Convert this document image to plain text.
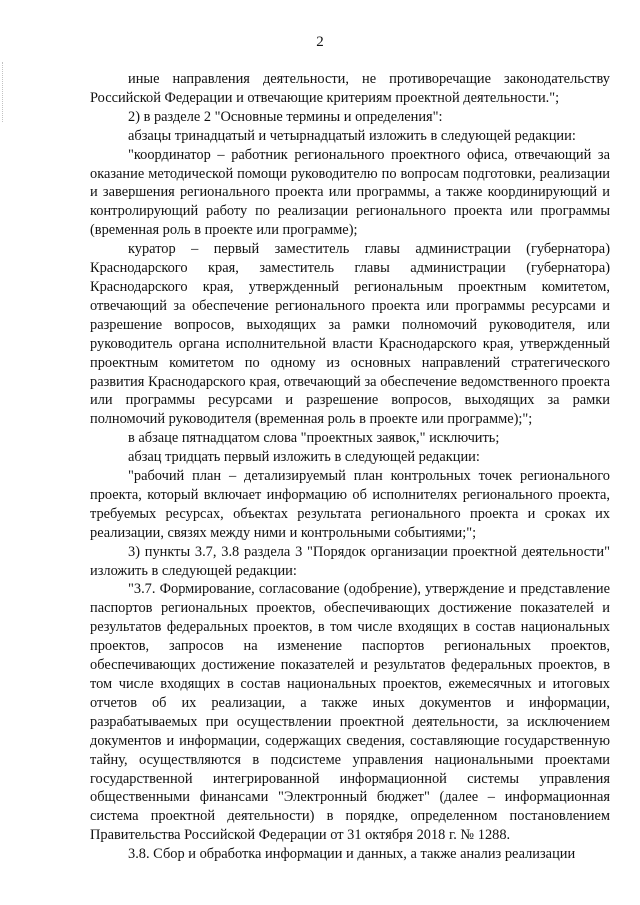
2

иные направления деятельности, не противоречащие законодательству Российской Федерации и отвечающие критериям проектной деятельности.";

2) в разделе 2 "Основные термины и определения":

абзацы тринадцатый и четырнадцатый изложить в следующей редакции:

"координатор – работник регионального проектного офиса, отвечающий за оказание методической помощи руководителю по вопросам подготовки, реализации и завершения регионального проекта или программы, а также координирующий и контролирующий работу по реализации регионального проекта или программы (временная роль в проекте или программе);

куратор – первый заместитель главы администрации (губернатора) Краснодарского края, заместитель главы администрации (губернатора) Краснодарского края, утвержденный региональным проектным комитетом, отвечающий за обеспечение регионального проекта или программы ресурсами и разрешение вопросов, выходящих за рамки полномочий руководителя, или руководитель органа исполнительной власти Краснодарского края, утвержденный проектным комитетом по одному из основных направлений стратегического развития Краснодарского края, отвечающий за обеспечение ведомственного проекта или программы ресурсами и разрешение вопросов, выходящих за рамки полномочий руководителя (временная роль в проекте или программе);";

в абзаце пятнадцатом слова "проектных заявок," исключить;

абзац тридцать первый изложить в следующей редакции:

"рабочий план – детализируемый план контрольных точек регионального проекта, который включает информацию об исполнителях регионального проекта, требуемых ресурсах, объектах результата регионального проекта и сроках их реализации, связях между ними и контрольными событиями;";

3) пункты 3.7, 3.8 раздела 3 "Порядок организации проектной деятельности" изложить в следующей редакции:

"3.7. Формирование, согласование (одобрение), утверждение и представление паспортов региональных проектов, обеспечивающих достижение показателей и результатов федеральных проектов, в том числе входящих в состав национальных проектов, запросов на изменение паспортов региональных проектов, обеспечивающих достижение показателей и результатов федеральных проектов, в том числе входящих в состав национальных проектов, ежемесячных и итоговых отчетов об их реализации, а также иных документов и информации, разрабатываемых при осуществлении проектной деятельности, за исключением документов и информации, содержащих сведения, составляющие государственную тайну, осуществляются в подсистеме управления национальными проектами государственной интегрированной информационной системы управления общественными финансами "Электронный бюджет" (далее – информационная система проектной деятельности) в порядке, определенном постановлением Правительства Российской Федерации от 31 октября 2018 г. № 1288.

3.8. Сбор и обработка информации и данных, а также анализ реализации
